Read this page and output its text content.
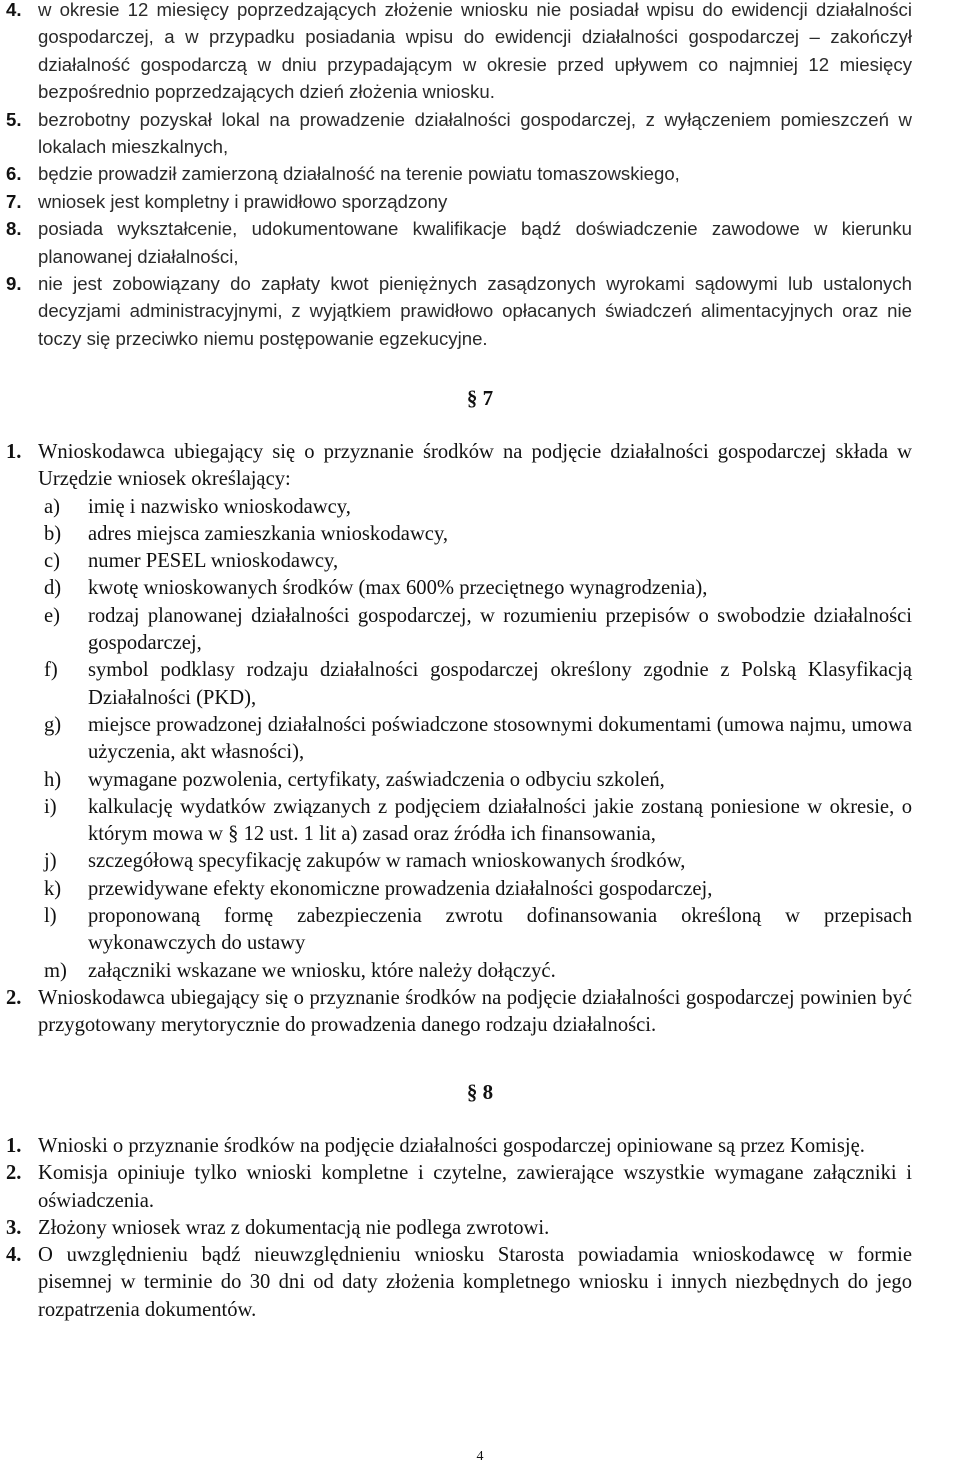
4. w okresie 12 miesięcy poprzedzających złożenie wniosku nie posiadał wpisu do ewidencji działalności gospodarczej, a w przypadku posiadania wpisu do ewidencji działalności gospodarczej – zakończył działalność gospodarczą w dniu przypadającym w okresie przed upływem co najmniej 12 miesięcy bezpośrednio poprzedzających dzień złożenia wniosku.
5. bezrobotny pozyskał lokal na prowadzenie działalności gospodarczej, z wyłączeniem pomieszczeń w lokalach mieszkalnych,
6. będzie prowadził zamierzoną działalność na terenie powiatu tomaszowskiego,
7. wniosek jest kompletny i prawidłowo sporządzony
8. posiada wykształcenie, udokumentowane kwalifikacje bądź doświadczenie zawodowe w kierunku planowanej działalności,
9. nie jest zobowiązany do zapłaty kwot pieniężnych zasądzonych wyrokami sądowymi lub ustalonych decyzjami administracyjnymi, z wyjątkiem prawidłowo opłacanych świadczeń alimentacyjnych oraz nie toczy się przeciwko niemu postępowanie egzekucyjne.
§ 7
1. Wnioskodawca ubiegający się o przyznanie środków na podjęcie działalności gospodarczej składa w Urzędzie wniosek określający:
a)	imię i nazwisko wnioskodawcy,
b)	adres miejsca zamieszkania wnioskodawcy,
c)	numer PESEL wnioskodawcy,
d)	kwotę wnioskowanych środków (max 600% przeciętnego wynagrodzenia),
e)	rodzaj planowanej działalności gospodarczej, w rozumieniu przepisów o swobodzie działalności gospodarczej,
f)	symbol podklasy rodzaju działalności gospodarczej określony zgodnie z Polską Klasyfikacją Działalności (PKD),
g)	miejsce prowadzonej działalności poświadczone stosownymi dokumentami (umowa najmu, umowa użyczenia, akt własności),
h)	wymagane pozwolenia, certyfikaty, zaświadczenia o odbyciu szkoleń,
i)	kalkulację wydatków związanych z podjęciem działalności jakie zostaną poniesione w okresie, o którym mowa w § 12 ust. 1 lit a) zasad oraz źródła ich finansowania,
j)	szczegółową specyfikację zakupów w ramach wnioskowanych środków,
k)	przewidywane efekty ekonomiczne prowadzenia działalności gospodarczej,
l)	proponowaną formę zabezpieczenia zwrotu dofinansowania określoną w przepisach wykonawczych do ustawy
m)	załączniki wskazane we wniosku, które należy dołączyć.
2. Wnioskodawca ubiegający się o przyznanie środków na podjęcie działalności gospodarczej powinien być przygotowany merytorycznie do prowadzenia danego rodzaju działalności.
§ 8
1. Wnioski o przyznanie środków na podjęcie działalności gospodarczej opiniowane są przez Komisję.
2. Komisja opiniuje tylko wnioski kompletne i czytelne, zawierające wszystkie wymagane załączniki i oświadczenia.
3. Złożony wniosek wraz z dokumentacją nie podlega zwrotowi.
4. O uwzględnieniu bądź nieuwzględnieniu wniosku Starosta powiadamia wnioskodawcę w formie pisemnej w terminie do 30 dni od daty złożenia kompletnego wniosku i innych niezbędnych do jego rozpatrzenia dokumentów.
4
